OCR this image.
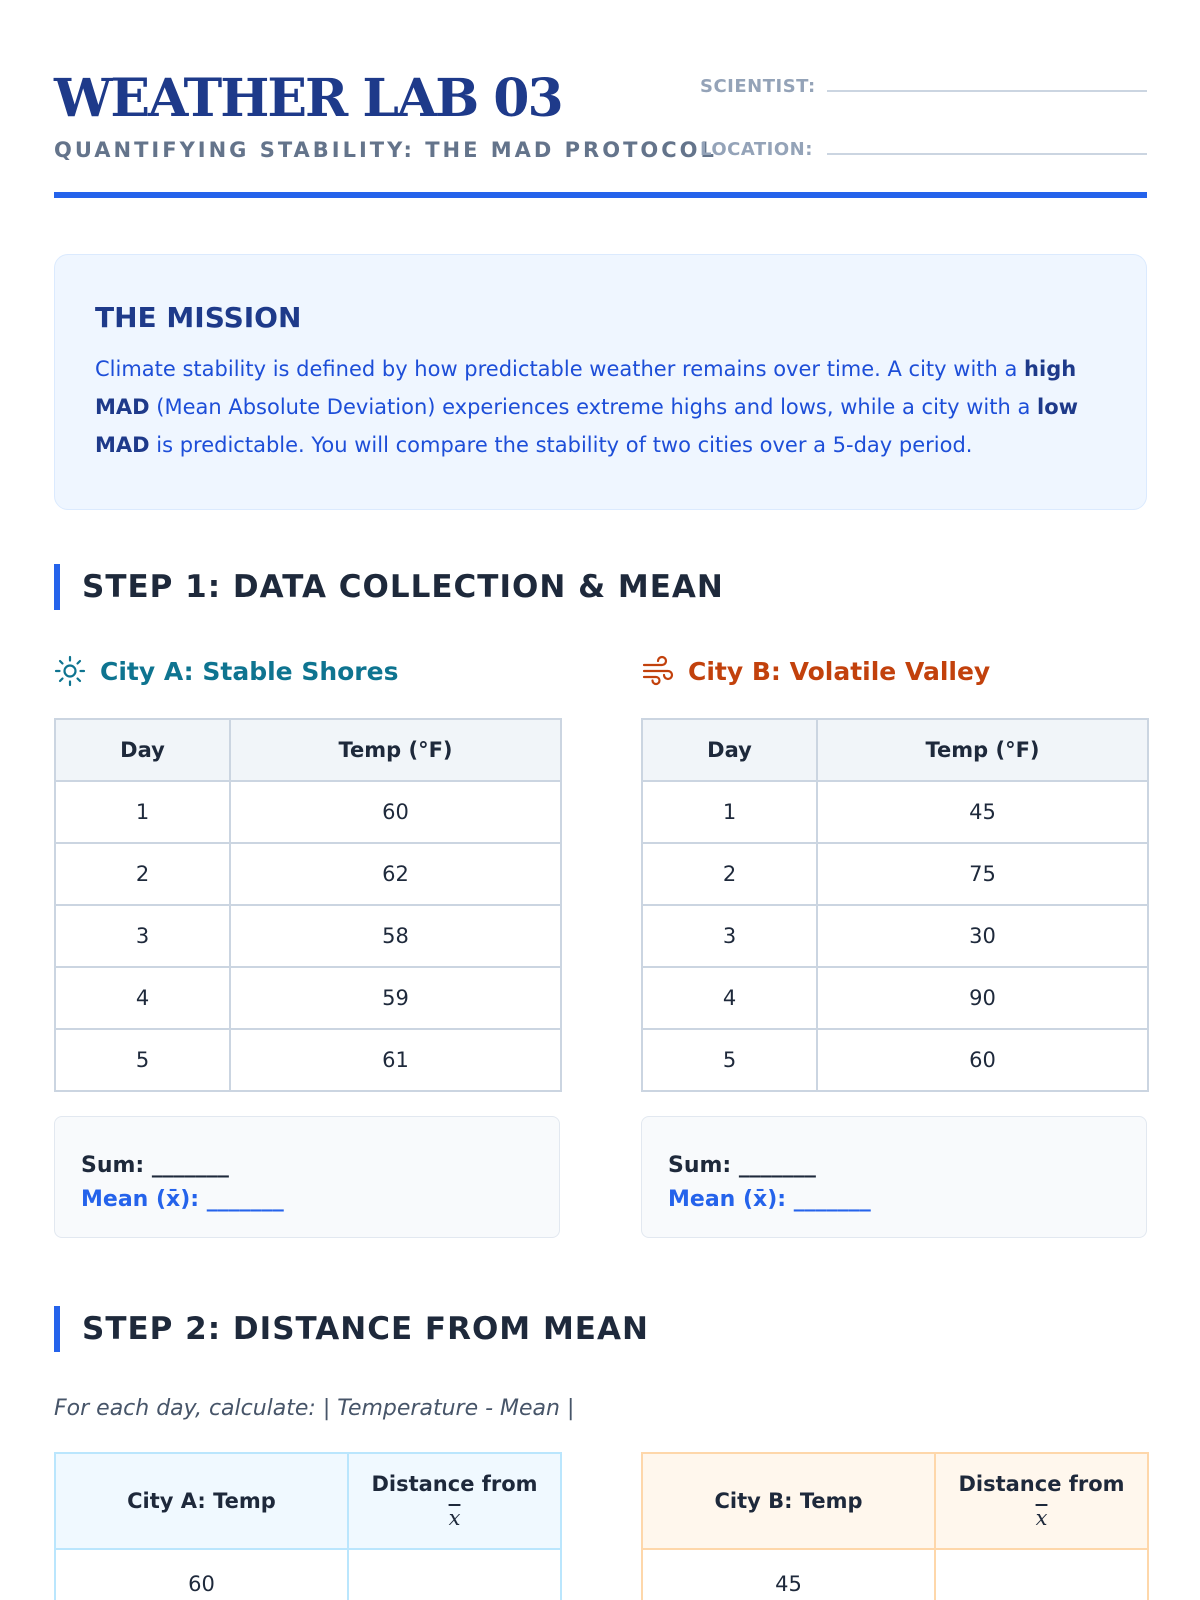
WEATHER LAB 03
QUANTIFYING STABILITY: THE MAD PROTOCOL
SCIENTIST:
LOCATION:
THE MISSION
Climate stability is defined by how predictable weather remains over time. A city with a high MAD (Mean Absolute Deviation) experiences extreme highs and lows, while a city with a low MAD is predictable. You will compare the stability of two cities over a 5-day period.
STEP 1: DATA COLLECTION & MEAN
City A: Stable Shores	City B: Volatile Valley
Day	Temp (°F)
1	60
2	62
3	58
4	59
5	61
Day	Temp (°F)
1	45
2	75
3	30
4	90
5	60
Sum: _______
Mean (x̄): _______
Sum: _______
Mean (x̄): _______
STEP 2: DISTANCE FROM MEAN
For each day, calculate: | Temperature - Mean |
City A: Temp	Distance from
$\overline{x}$
60	
City B: Temp	Distance from
$\overline{x}$
45	
